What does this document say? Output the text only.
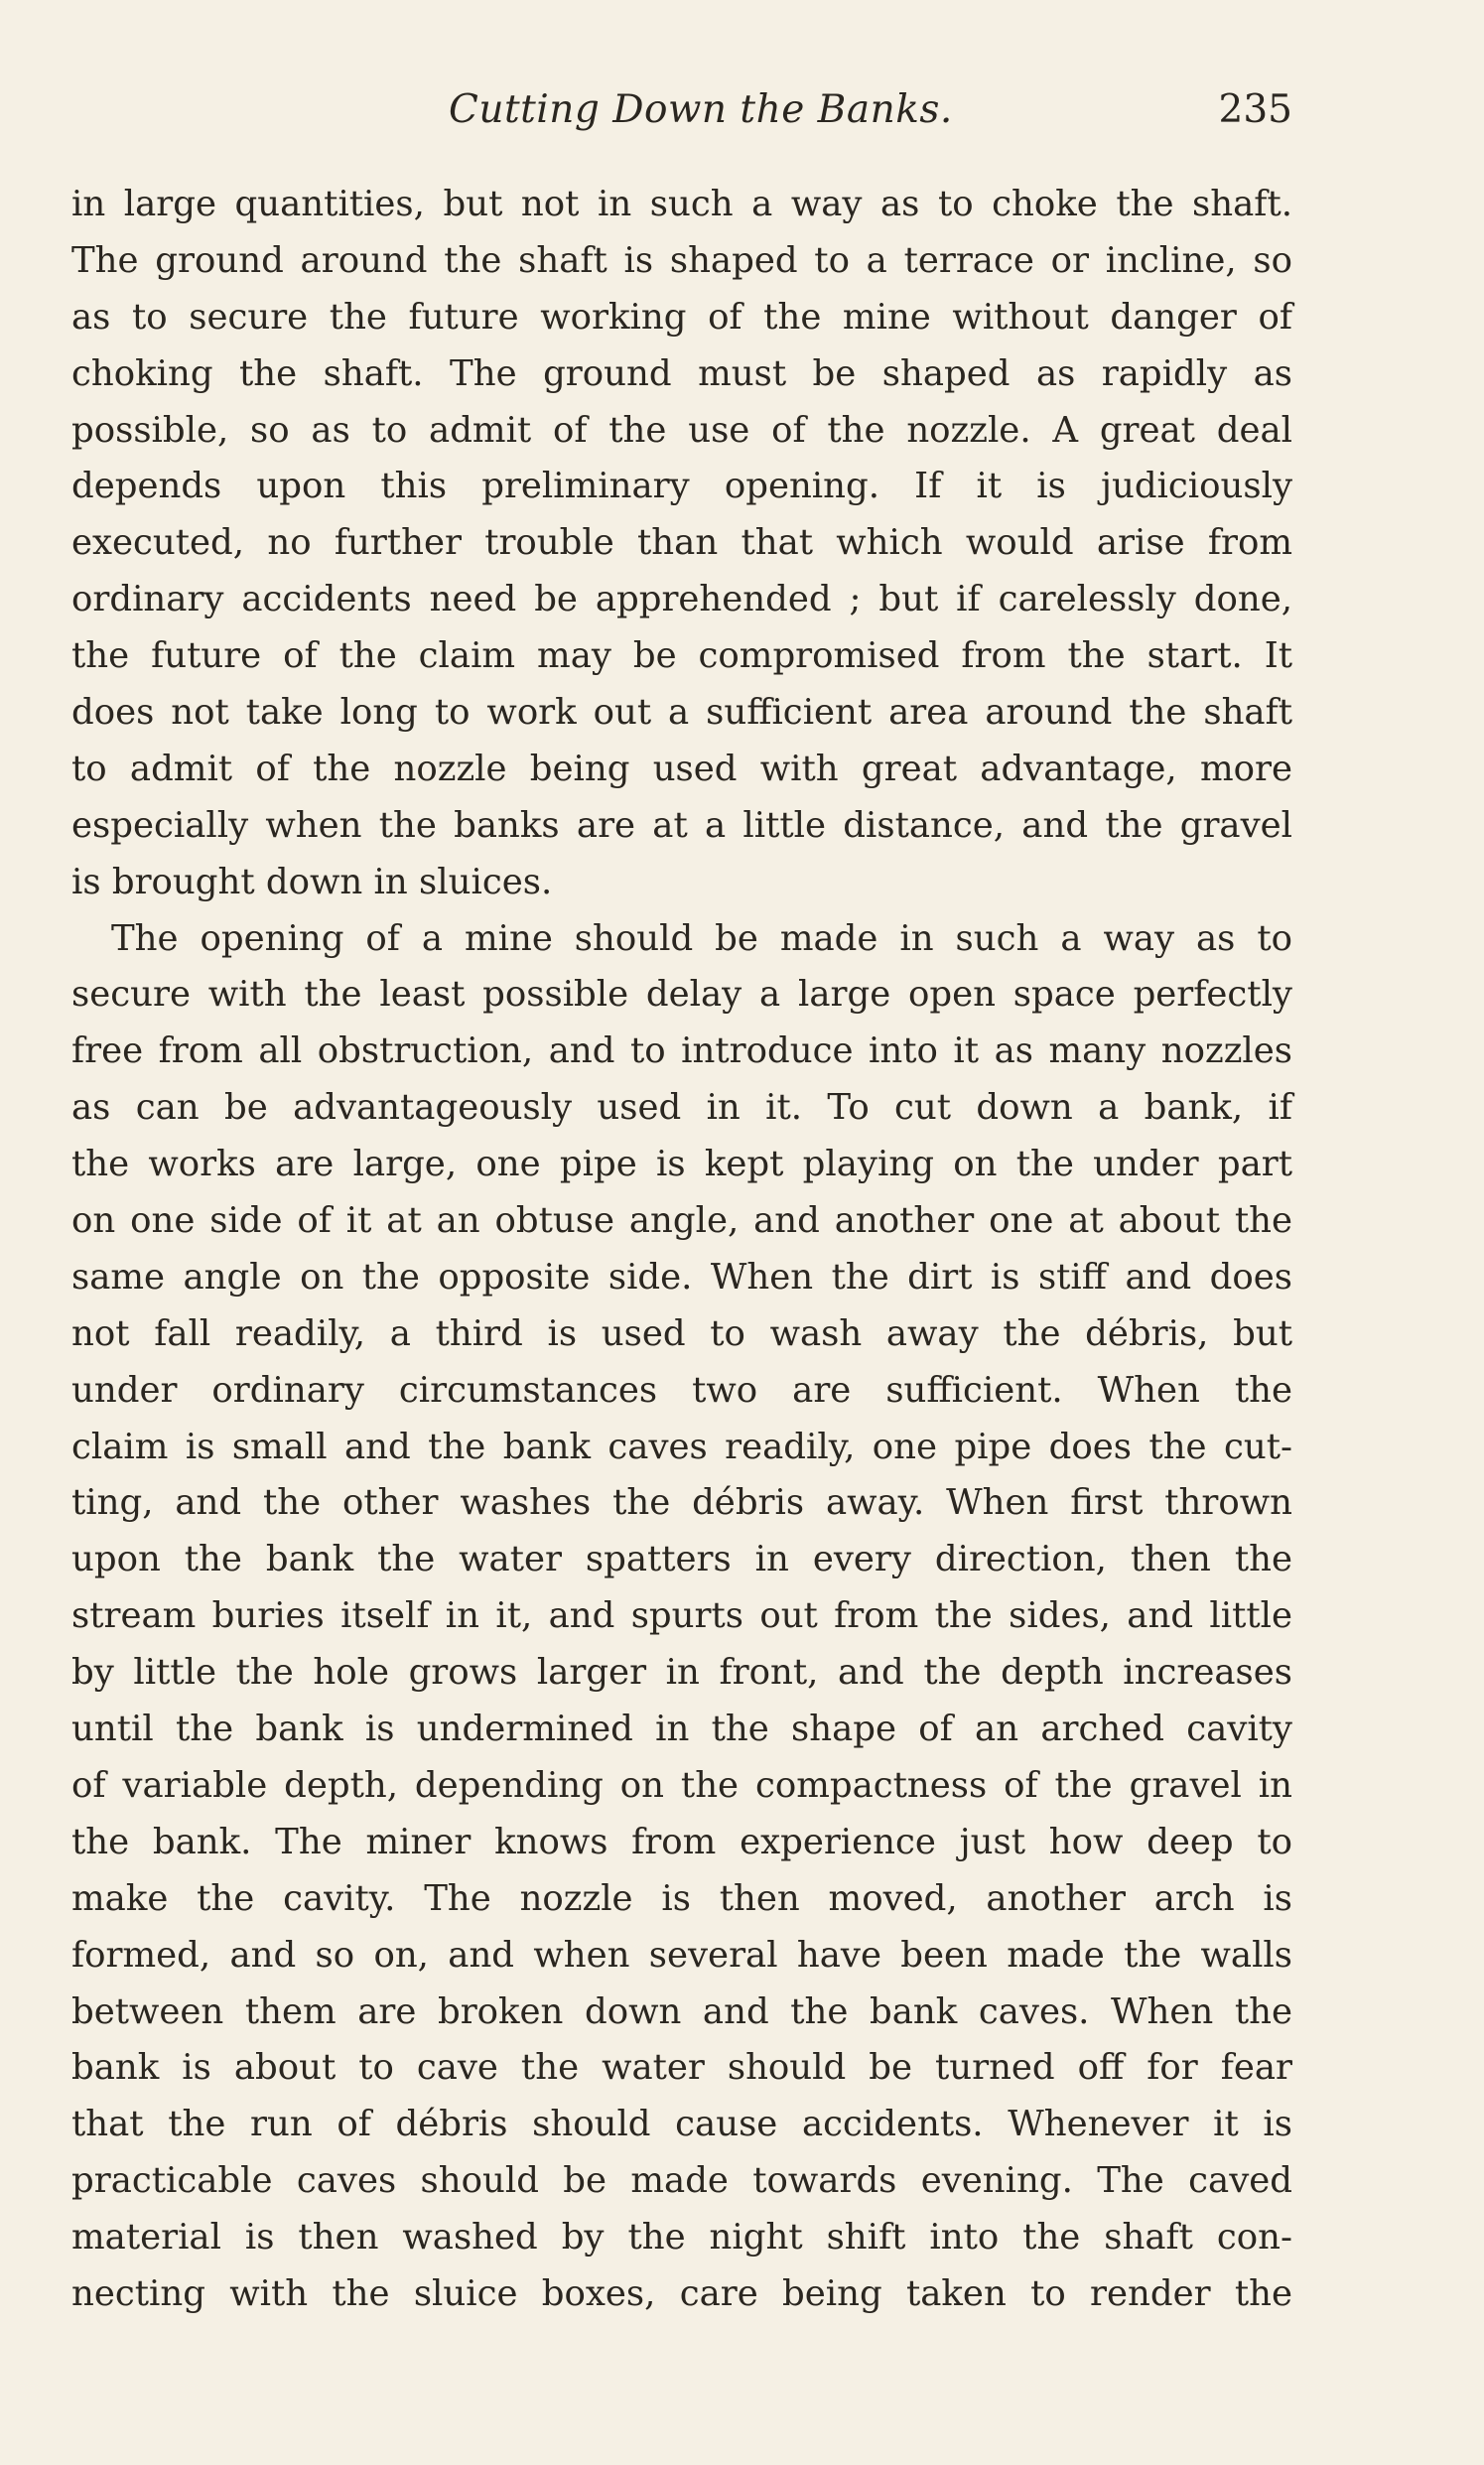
Cutting Down the Banks.	235

in large quantities, but not in such a way as to choke the shaft.
The ground around the shaft is shaped to a terrace or incline, so
as to secure the future working of the mine without danger of
choking the shaft. The ground must be shaped as rapidly as
possible, so as to admit of the use of the nozzle. A great deal
depends upon this preliminary opening. If it is judiciously
executed, no further trouble than that which would arise from
ordinary accidents need be apprehended ; but if carelessly done,
the future of the claim may be compromised from the start. It
does not take long to work out a sufficient area around the shaft
to admit of the nozzle being used with great advantage, more
especially when the banks are at a little distance, and the gravel
is brought down in sluices.

The opening of a mine should be made in such a way as to
secure with the least possible delay a large open space perfectly
free from all obstruction, and to introduce into it as many nozzles
as can be advantageously used in it. To cut down a bank, if
the works are large, one pipe is kept playing on the under part
on one side of it at an obtuse angle, and another one at about the
same angle on the opposite side. When the dirt is stiff and does
not fall readily, a third is used to wash away the débris, but
under ordinary circumstances two are sufficient. When the
claim is small and the bank caves readily, one pipe does the cut-
ting, and the other washes the débris away. When first thrown
upon the bank the water spatters in every direction, then the
stream buries itself in it, and spurts out from the sides, and little
by little the hole grows larger in front, and the depth increases
until the bank is undermined in the shape of an arched cavity
of variable depth, depending on the compactness of the gravel in
the bank. The miner knows from experience just how deep to
make the cavity. The nozzle is then moved, another arch is
formed, and so on, and when several have been made the walls
between them are broken down and the bank caves. When the
bank is about to cave the water should be turned off for fear
that the run of débris should cause accidents. Whenever it is
practicable caves should be made towards evening. The caved
material is then washed by the night shift into the shaft con-
necting with the sluice boxes, care being taken to render the
